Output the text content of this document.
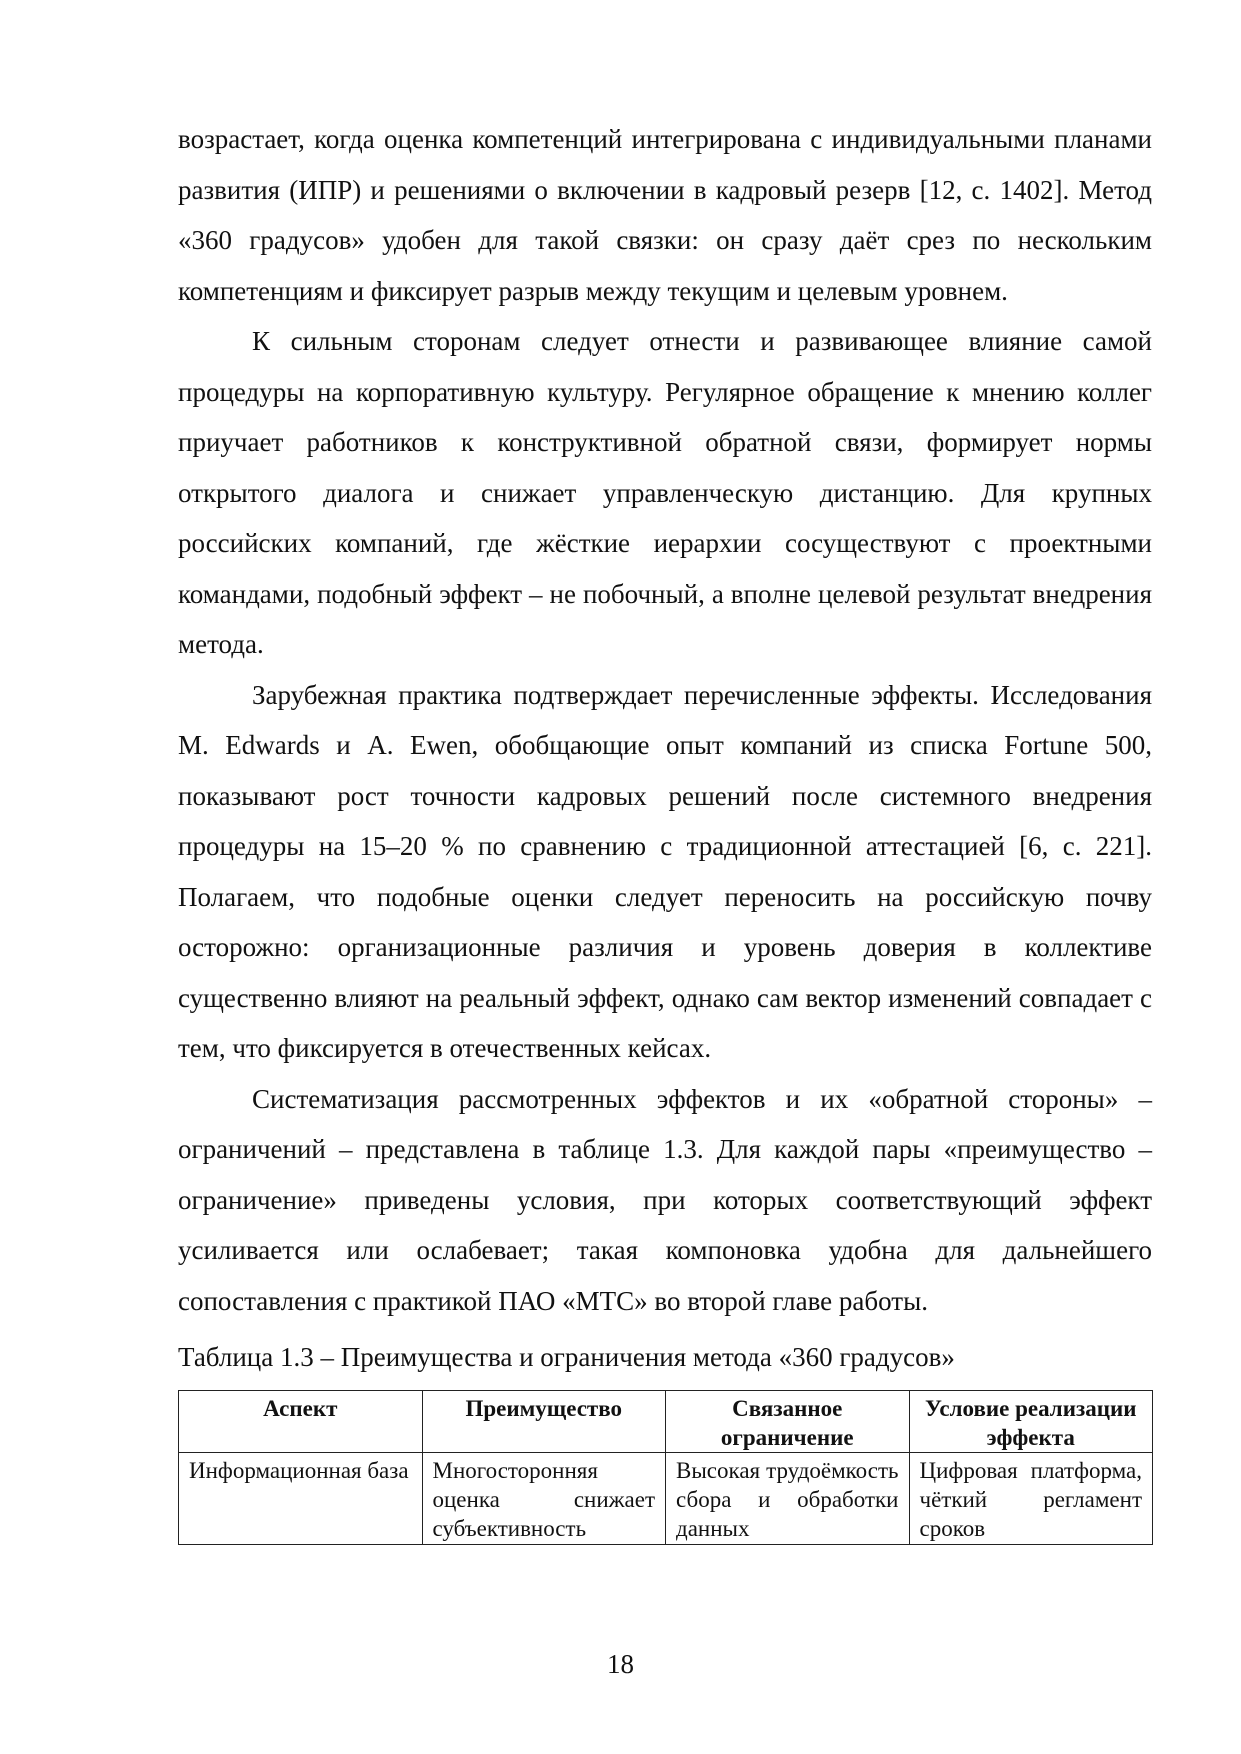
возрастает, когда оценка компетенций интегрирована с индивидуальными планами развития (ИПР) и решениями о включении в кадровый резерв [12, с. 1402]. Метод «360 градусов» удобен для такой связки: он сразу даёт срез по нескольким компетенциям и фиксирует разрыв между текущим и целевым уровнем.

К сильным сторонам следует отнести и развивающее влияние самой процедуры на корпоративную культуру. Регулярное обращение к мнению коллег приучает работников к конструктивной обратной связи, формирует нормы открытого диалога и снижает управленческую дистанцию. Для крупных российских компаний, где жёсткие иерархии сосуществуют с проектными командами, подобный эффект – не побочный, а вполне целевой результат внедрения метода.

Зарубежная практика подтверждает перечисленные эффекты. Исследования M. Edwards и A. Ewen, обобщающие опыт компаний из списка Fortune 500, показывают рост точности кадровых решений после системного внедрения процедуры на 15–20 % по сравнению с традиционной аттестацией [6, с. 221]. Полагаем, что подобные оценки следует переносить на российскую почву осторожно: организационные различия и уровень доверия в коллективе существенно влияют на реальный эффект, однако сам вектор изменений совпадает с тем, что фиксируется в отечественных кейсах.

Систематизация рассмотренных эффектов и их «обратной стороны» – ограничений – представлена в таблице 1.3. Для каждой пары «преимущество – ограничение» приведены условия, при которых соответствующий эффект усиливается или ослабевает; такая компоновка удобна для дальнейшего сопоставления с практикой ПАО «МТС» во второй главе работы.

Таблица 1.3 – Преимущества и ограничения метода «360 градусов»

Аспект	Преимущество	Связанное ограничение	Условие реализации эффекта
Информационная база	Многосторонняя оценка снижает субъективность	Высокая трудоёмкость сбора и обработки данных	Цифровая платформа, чёткий регламент сроков
18
